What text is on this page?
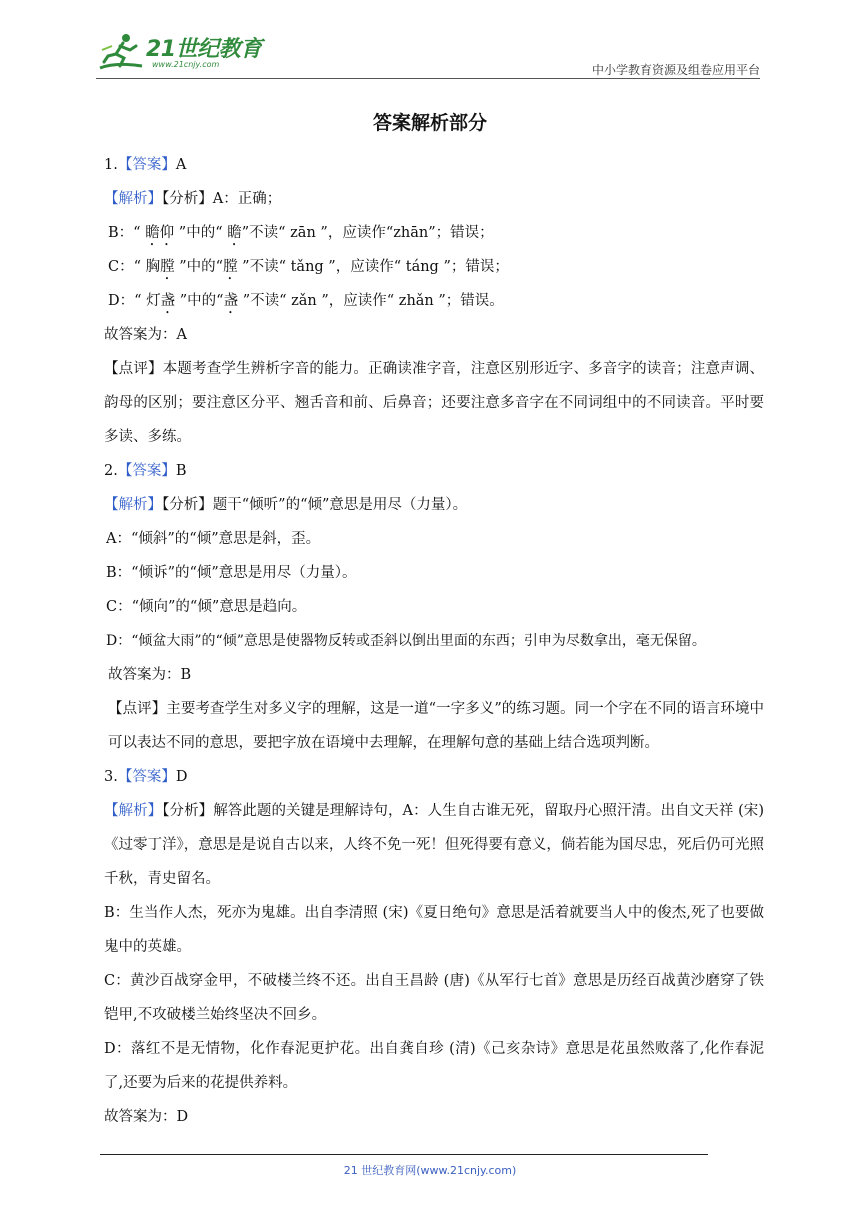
21世纪教育
www.21cnjy.com	中小学教育资源及组卷应用平台
答案解析部分
1.【答案】A
【解析】【分析】A：正确；
B：“ 瞻仰 ”中的“ 瞻”不读“ zān ”，应读作“zhān”；错误；
C：“ 胸膛 ”中的“膛 ”不读“ tǎng ”，应读作“ táng ”；错误；
D：“ 灯盏 ”中的“盏 ”不读“ zǎn ”，应读作“ zhǎn ”；错误。
故答案为：A
【点评】本题考查学生辨析字音的能力。正确读准字音，注意区别形近字、多音字的读音；注意声调、韵母的区别；要注意区分平、翘舌音和前、后鼻音；还要注意多音字在不同词组中的不同读音。平时要多读、多练。
2.【答案】B
【解析】【分析】题干“倾听”的“倾”意思是用尽（力量）。
A：“倾斜”的“倾”意思是斜，歪。
B：“倾诉”的“倾”意思是用尽（力量）。
C：“倾向”的“倾”意思是趋向。
D：“倾盆大雨”的“倾”意思是使器物反转或歪斜以倒出里面的东西；引申为尽数拿出，毫无保留。
故答案为：B
【点评】主要考查学生对多义字的理解，这是一道“一字多义”的练习题。同一个字在不同的语言环境中可以表达不同的意思，要把字放在语境中去理解，在理解句意的基础上结合选项判断。
3.【答案】D
【解析】【分析】解答此题的关键是理解诗句，A：人生自古谁无死，留取丹心照汗清。出自文天祥 (宋)《过零丁洋》，意思是是说自古以来，人终不免一死！但死得要有意义，倘若能为国尽忠，死后仍可光照千秋，青史留名。
B：生当作人杰，死亦为鬼雄。出自李清照 (宋)《夏日绝句》意思是活着就要当人中的俊杰,死了也要做鬼中的英雄。
C：黄沙百战穿金甲，不破楼兰终不还。出自王昌龄 (唐)《从军行七首》意思是历经百战黄沙磨穿了铁铠甲,不攻破楼兰始终坚决不回乡。
D：落红不是无情物，化作春泥更护花。出自龚自珍 (清)《己亥杂诗》意思是花虽然败落了,化作春泥了,还要为后来的花提供养料。
故答案为：D
21 世纪教育网(www.21cnjy.com)
